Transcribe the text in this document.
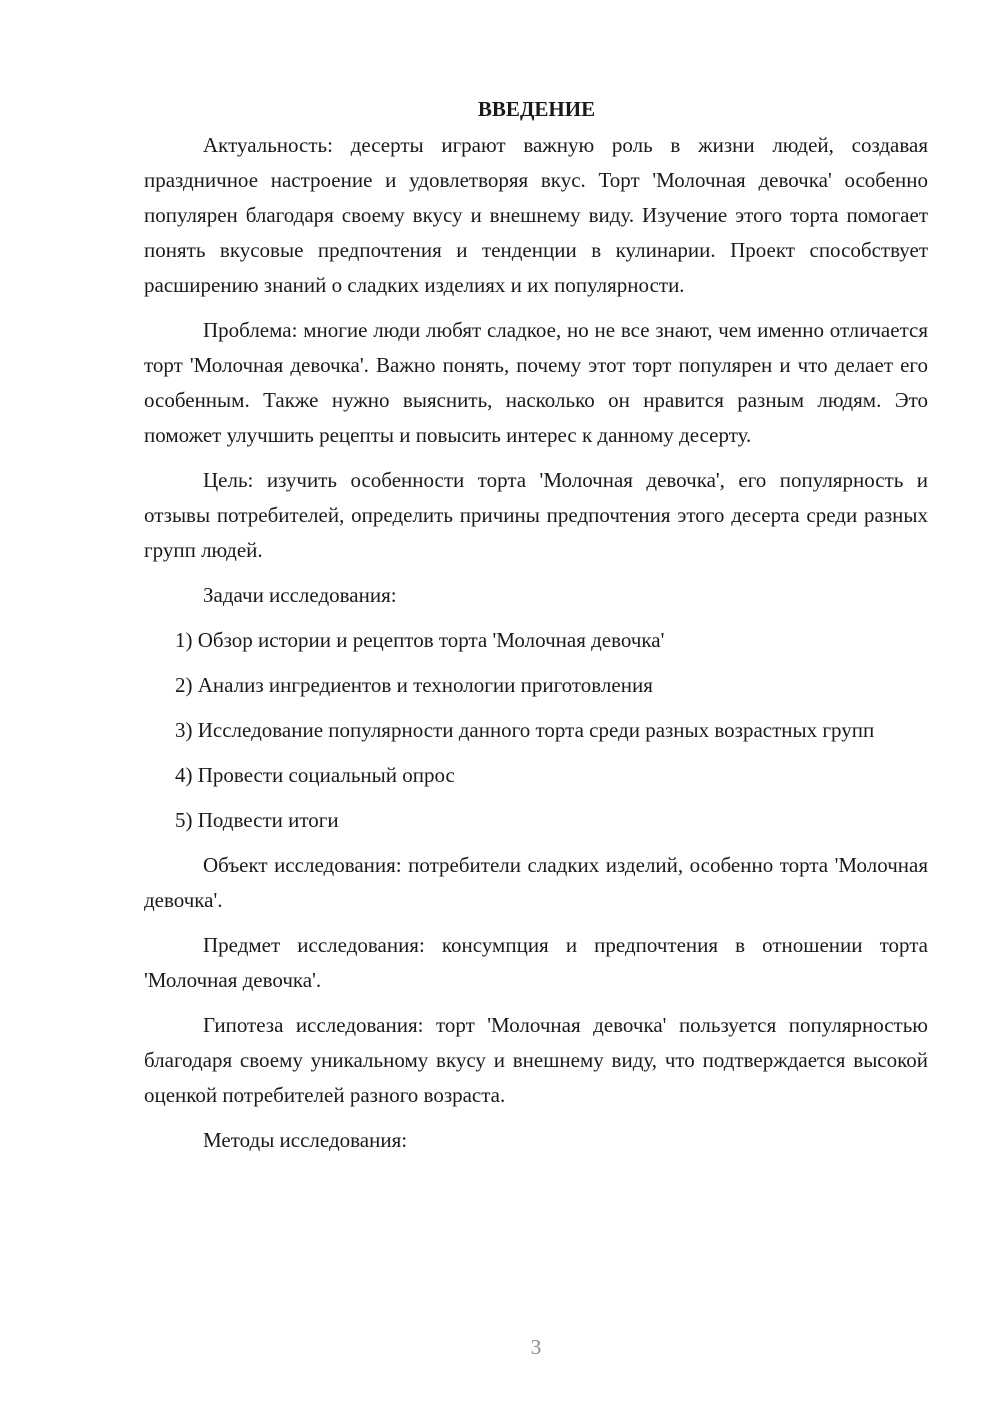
ВВЕДЕНИЕ

Актуальность: десерты играют важную роль в жизни людей, создавая праздничное настроение и удовлетворяя вкус. Торт 'Молочная девочка' особенно популярен благодаря своему вкусу и внешнему виду. Изучение этого торта помогает понять вкусовые предпочтения и тенденции в кулинарии. Проект способствует расширению знаний о сладких изделиях и их популярности.

Проблема: многие люди любят сладкое, но не все знают, чем именно отличается торт 'Молочная девочка'. Важно понять, почему этот торт популярен и что делает его особенным. Также нужно выяснить, насколько он нравится разным людям. Это поможет улучшить рецепты и повысить интерес к данному десерту.

Цель: изучить особенности торта 'Молочная девочка', его популярность и отзывы потребителей, определить причины предпочтения этого десерта среди разных групп людей.

Задачи исследования:

1) Обзор истории и рецептов торта 'Молочная девочка'

2) Анализ ингредиентов и технологии приготовления

3) Исследование популярности данного торта среди разных возрастных групп

4) Провести социальный опрос

5) Подвести итоги

Объект исследования: потребители сладких изделий, особенно торта 'Молочная девочка'.

Предмет исследования: консумпция и предпочтения в отношении торта 'Молочная девочка'.

Гипотеза исследования: торт 'Молочная девочка' пользуется популярностью благодаря своему уникальному вкусу и внешнему виду, что подтверждается высокой оценкой потребителей разного возраста.

Методы исследования:

3
